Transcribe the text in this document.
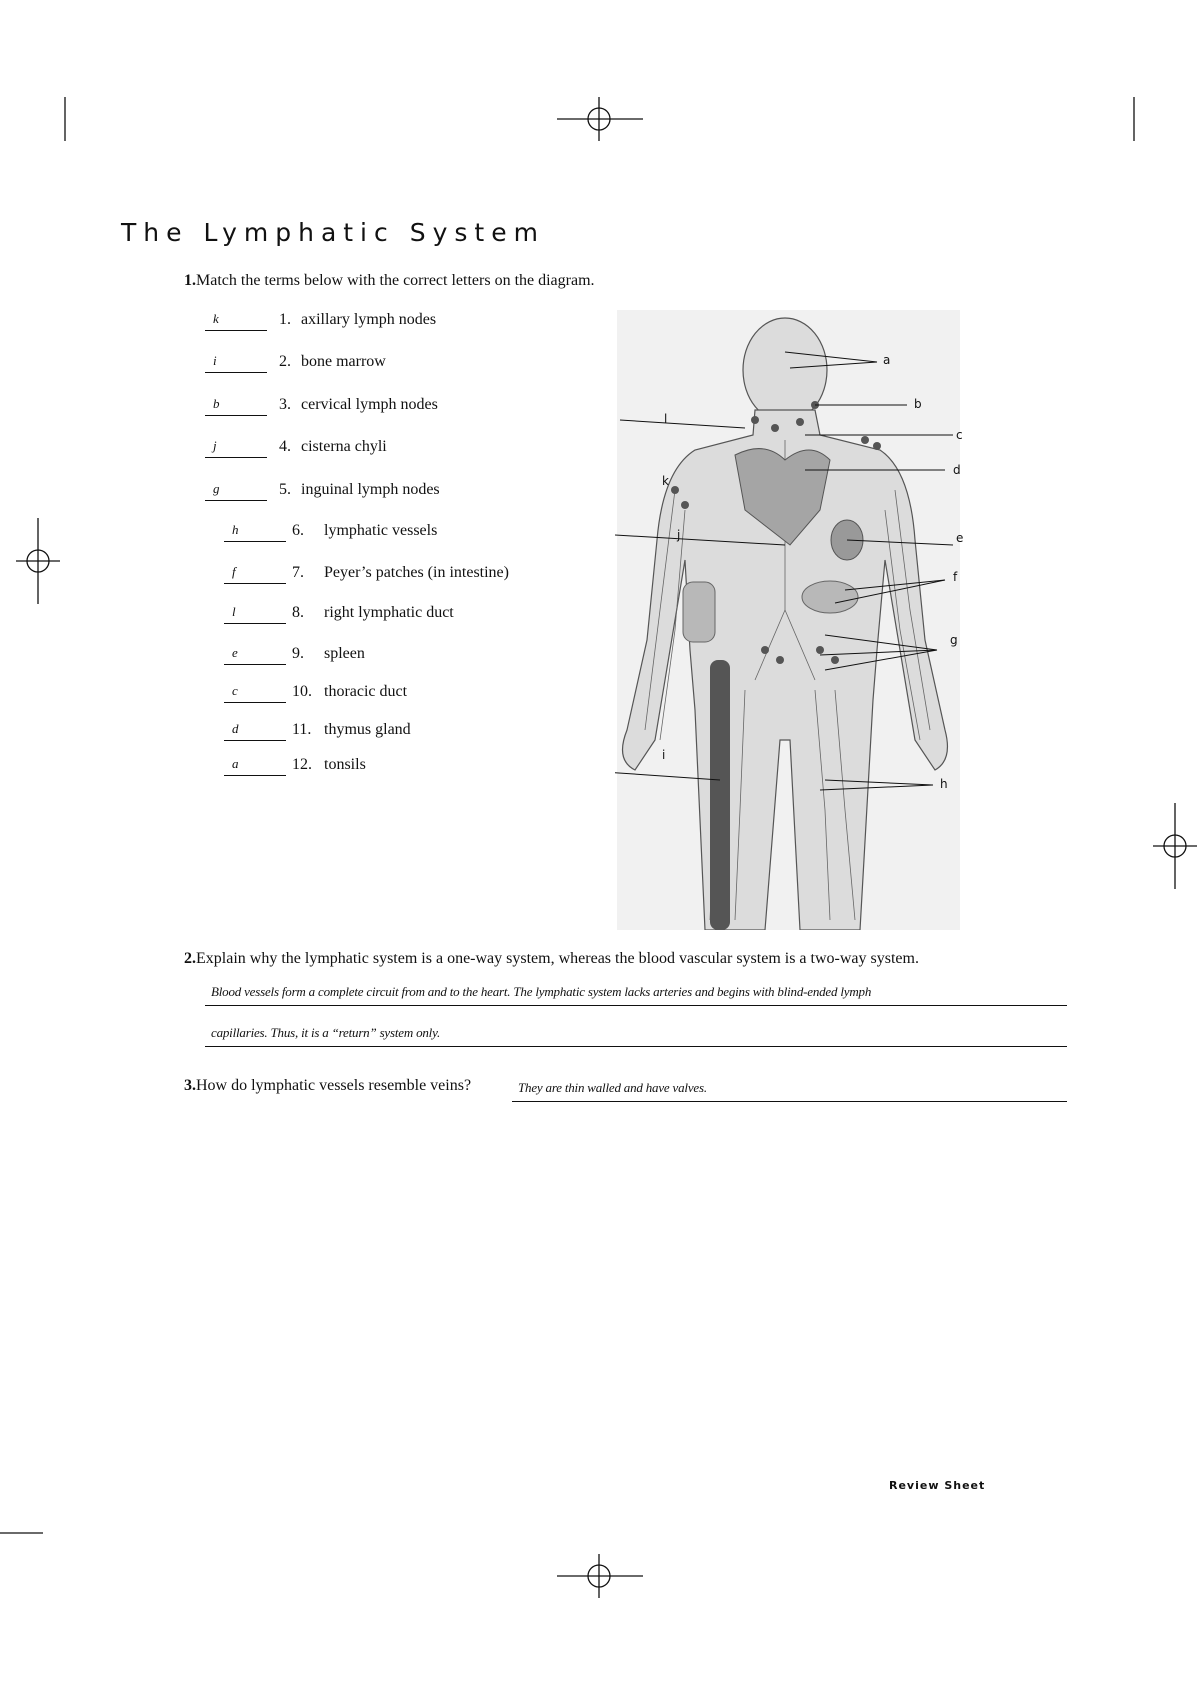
The Lymphatic System
1.Match the terms below with the correct letters on the diagram.
k	1. axillary lymph nodes
i	2. bone marrow
b	3. cervical lymph nodes
j	4. cisterna chyli
g	5. inguinal lymph nodes
h	6. lymphatic vessels
f	7. Peyer’s patches (in intestine)
l	8. right lymphatic duct
e	9. spleen
c	10. thoracic duct
d	11. thymus gland
a	12. tonsils
a
b
l
c
d
k
j	e
f
g
i
h
2.Explain why the lymphatic system is a one-way system, whereas the blood vascular system is a two-way system.
Blood vessels form a complete circuit from and to the heart. The lymphatic system lacks arteries and begins with blind-ended lymph
capillaries. Thus, it is a “return” system only.
3.How do lymphatic vessels resemble veins?	They are thin walled and have valves.
Review Sheet
